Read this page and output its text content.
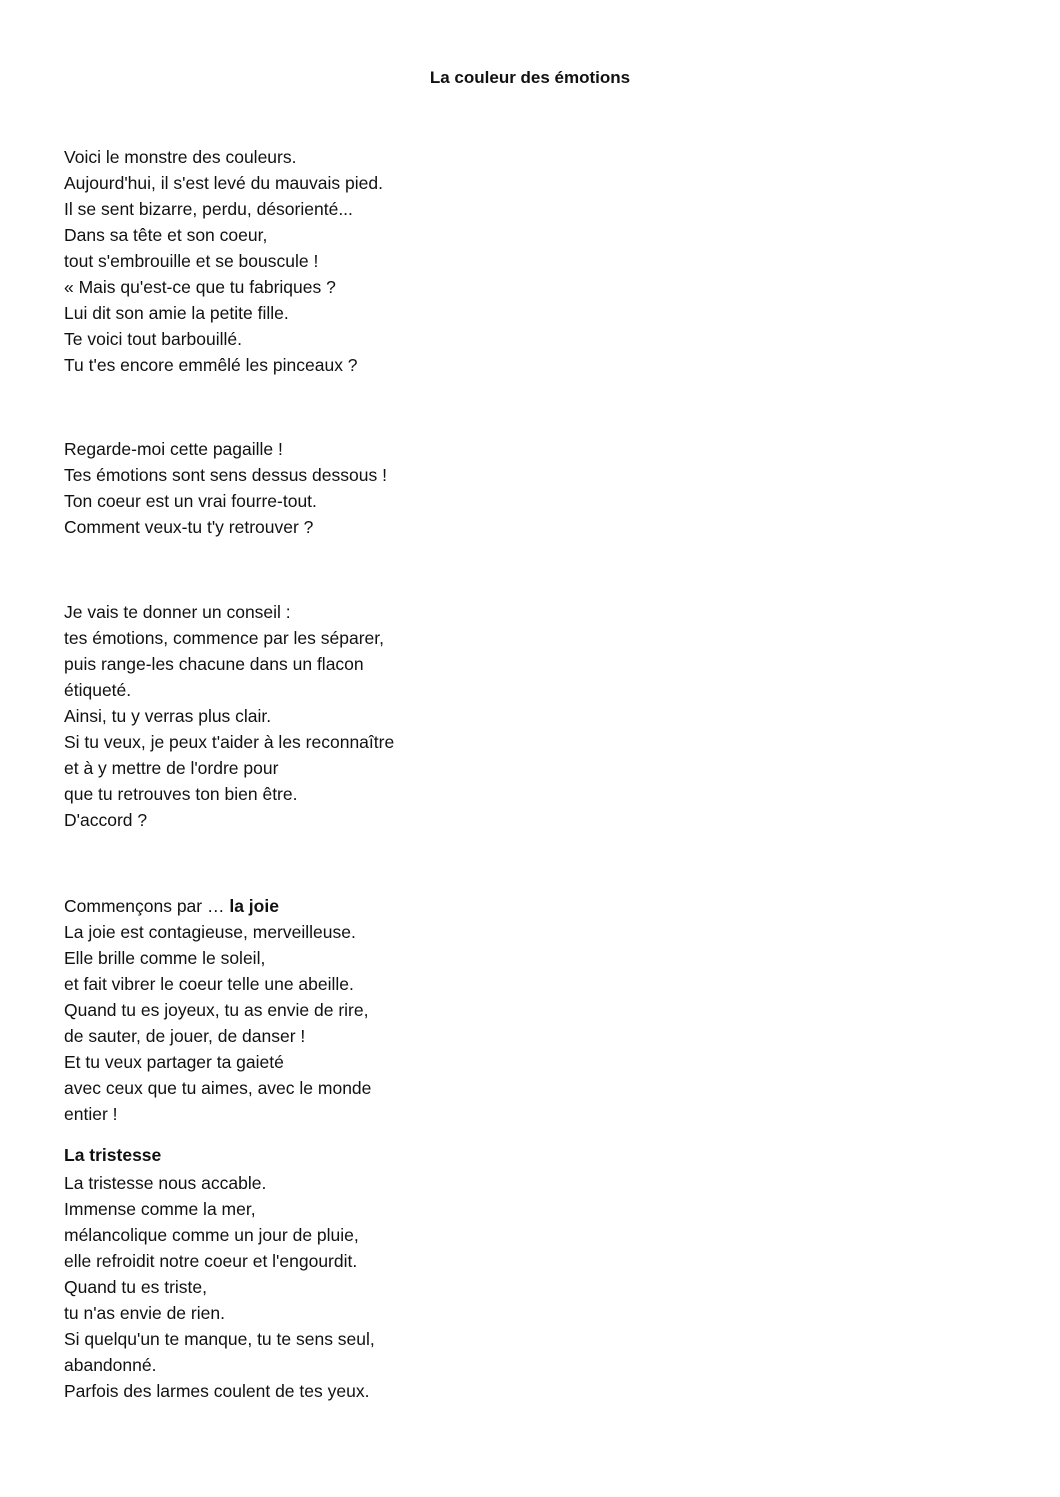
La couleur des émotions
Voici le monstre des couleurs.
Aujourd'hui, il s'est levé du mauvais pied.
Il se sent bizarre, perdu, désorienté...
Dans sa tête et son coeur,
tout s'embrouille et se bouscule !
« Mais qu'est-ce que tu fabriques ?
Lui dit son amie la petite fille.
Te voici tout barbouillé.
Tu t'es encore emmêlé les pinceaux ?
Regarde-moi cette pagaille !
Tes émotions sont sens dessus dessous !
Ton coeur est un vrai fourre-tout.
Comment veux-tu t'y retrouver ?
Je vais te donner un conseil :
tes émotions, commence par les séparer,
puis range-les chacune dans un flacon
étiqueté.
Ainsi, tu y verras plus clair.
Si tu veux, je peux t'aider à les reconnaître
et à y mettre de l'ordre pour
que tu retrouves ton bien être.
D'accord ?
Commençons par … la joie
La joie est contagieuse, merveilleuse.
Elle brille comme le soleil,
et fait vibrer le coeur telle une abeille.
Quand tu es joyeux, tu as envie de rire,
de sauter, de jouer, de danser !
Et tu veux partager ta gaieté
avec ceux que tu aimes, avec le monde
entier !
La tristesse
La tristesse nous accable.
Immense comme la mer,
mélancolique comme un jour de pluie,
elle refroidit notre coeur et l'engourdit.
Quand tu es triste,
tu n'as envie de rien.
Si quelqu'un te manque, tu te sens seul,
abandonné.
Parfois des larmes coulent de tes yeux.
